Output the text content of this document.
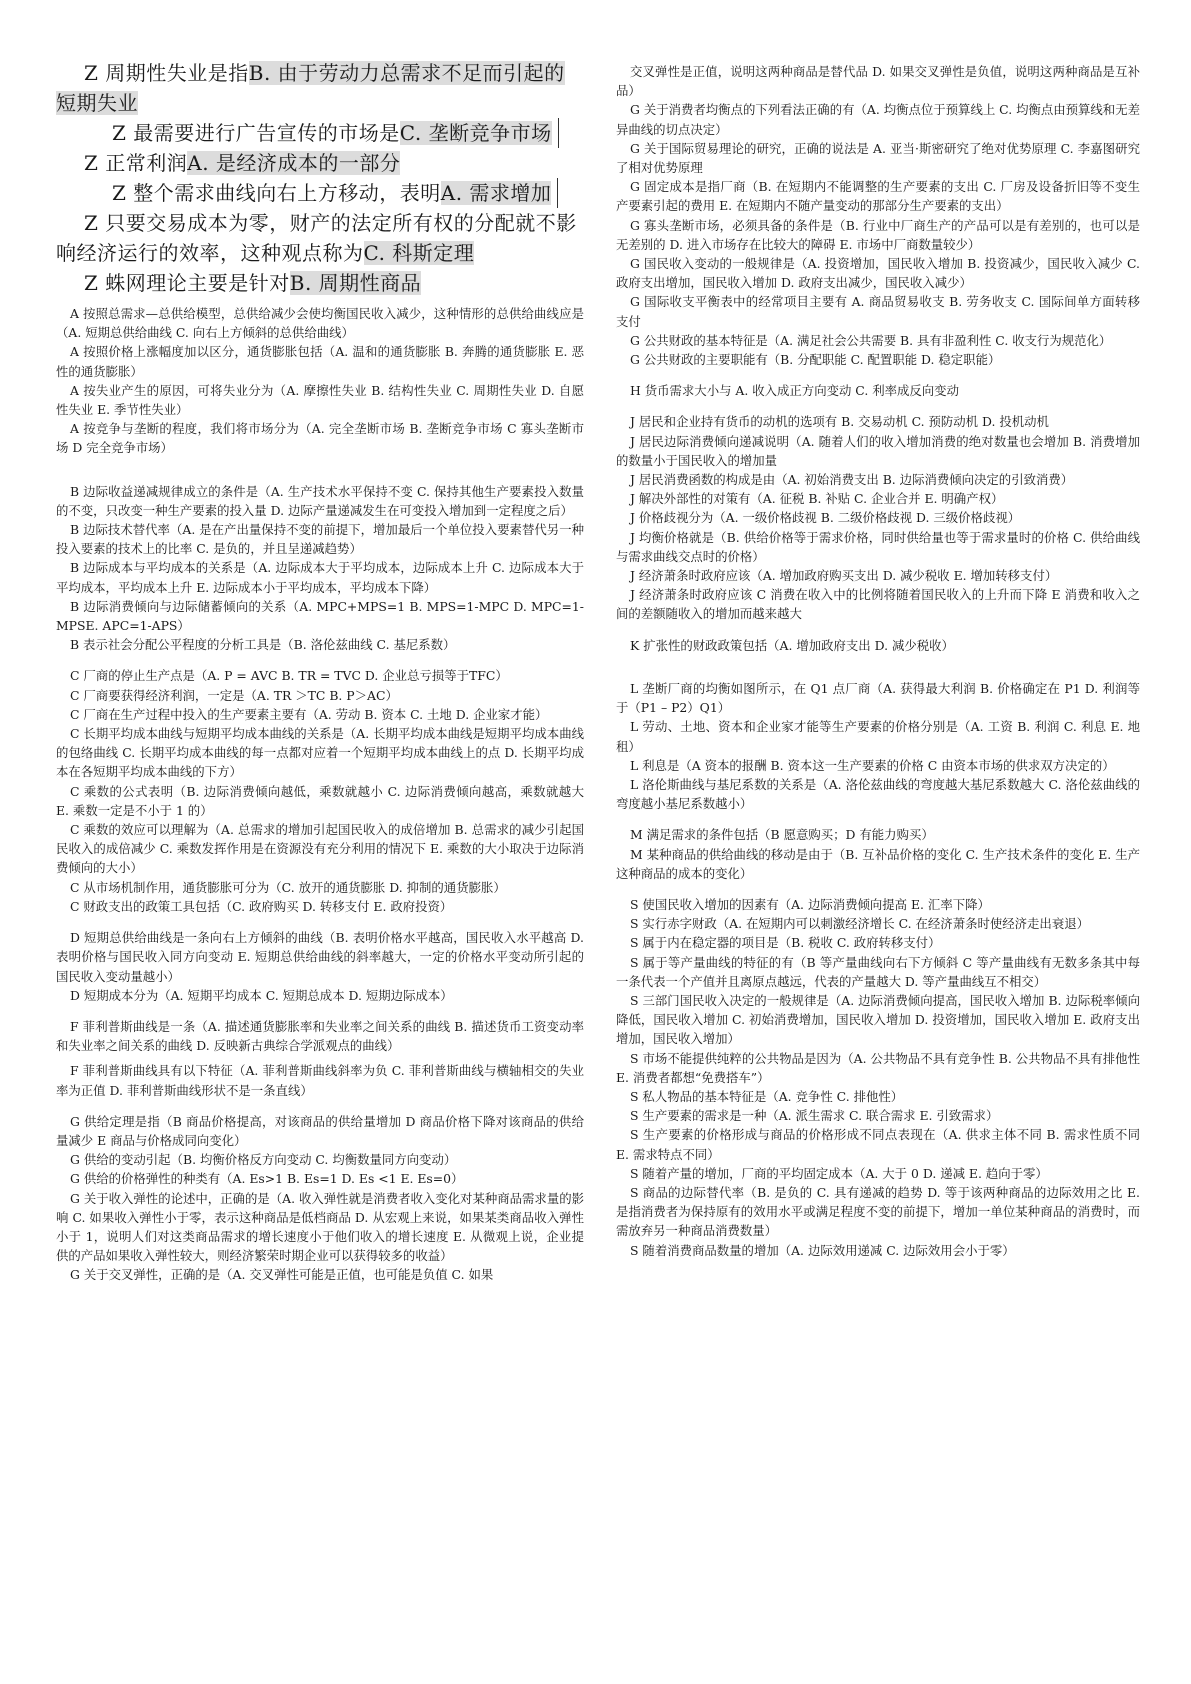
Z 周期性失业是指B. 由于劳动力总需求不足而引起的短期失业

Z 最需要进行广告宣传的市场是C. 垄断竞争市场

Z 正常利润A. 是经济成本的一部分

Z 整个需求曲线向右上方移动，表明A. 需求增加

Z 只要交易成本为零，财产的法定所有权的分配就不影响经济运行的效率，这种观点称为C. 科斯定理

Z 蛛网理论主要是针对B. 周期性商品

A 按照总需求—总供给模型，总供给减少会使均衡国民收入减少，这种情形的总供给曲线应是（A. 短期总供给曲线 C. 向右上方倾斜的总供给曲线）

A 按照价格上涨幅度加以区分，通货膨胀包括（A. 温和的通货膨胀 B. 奔腾的通货膨胀 E. 恶性的通货膨胀）

A 按失业产生的原因，可将失业分为（A. 摩擦性失业 B. 结构性失业 C. 周期性失业 D. 自愿性失业 E. 季节性失业）

A 按竞争与垄断的程度，我们将市场分为（A. 完全垄断市场 B. 垄断竞争市场 C 寡头垄断市场 D 完全竞争市场）

B 边际收益递减规律成立的条件是（A. 生产技术水平保持不变 C. 保持其他生产要素投入数量的不变，只改变一种生产要素的投入量 D. 边际产量递减发生在可变投入增加到一定程度之后）

B 边际技术替代率（A. 是在产出量保持不变的前提下，增加最后一个单位投入要素替代另一种投入要素的技术上的比率 C. 是负的，并且呈递减趋势）

B 边际成本与平均成本的关系是（A. 边际成本大于平均成本，边际成本上升 C. 边际成本大于平均成本，平均成本上升 E. 边际成本小于平均成本，平均成本下降）

B 边际消费倾向与边际储蓄倾向的关系（A. MPC+MPS=1 B. MPS=1-MPC D. MPC=1-MPSE. APC=1-APS）

B 表示社会分配公平程度的分析工具是（B. 洛伦兹曲线 C. 基尼系数）

C 厂商的停止生产点是（A. P = AVC B. TR = TVC D. 企业总亏损等于TFC）

C 厂商要获得经济利润，一定是（A. TR ＞TC B. P＞AC）

C 厂商在生产过程中投入的生产要素主要有（A. 劳动 B. 资本 C. 土地 D. 企业家才能）

C 长期平均成本曲线与短期平均成本曲线的关系是（A. 长期平均成本曲线是短期平均成本曲线的包络曲线 C. 长期平均成本曲线的每一点都对应着一个短期平均成本曲线上的点 D. 长期平均成本在各短期平均成本曲线的下方）

C 乘数的公式表明（B. 边际消费倾向越低，乘数就越小 C. 边际消费倾向越高，乘数就越大 E. 乘数一定是不小于 1 的）

C 乘数的效应可以理解为（A. 总需求的增加引起国民收入的成倍增加 B. 总需求的减少引起国民收入的成倍减少 C. 乘数发挥作用是在资源没有充分利用的情况下 E. 乘数的大小取决于边际消费倾向的大小）

C 从市场机制作用，通货膨胀可分为（C. 放开的通货膨胀 D. 抑制的通货膨胀）

C 财政支出的政策工具包括（C. 政府购买 D. 转移支付 E. 政府投资）

D 短期总供给曲线是一条向右上方倾斜的曲线（B. 表明价格水平越高，国民收入水平越高 D. 表明价格与国民收入同方向变动 E. 短期总供给曲线的斜率越大，一定的价格水平变动所引起的国民收入变动量越小）

D 短期成本分为（A. 短期平均成本 C. 短期总成本 D. 短期边际成本）

F 菲利普斯曲线是一条（A. 描述通货膨胀率和失业率之间关系的曲线 B. 描述货币工资变动率和失业率之间关系的曲线 D. 反映新古典综合学派观点的曲线）

F 菲利普斯曲线具有以下特征（A. 菲利普斯曲线斜率为负 C. 菲利普斯曲线与横轴相交的失业率为正值 D. 菲利普斯曲线形状不是一条直线）

G 供给定理是指（B 商品价格提高，对该商品的供给量增加 D 商品价格下降对该商品的供给量减少 E 商品与价格成同向变化）

G 供给的变动引起（B. 均衡价格反方向变动 C. 均衡数量同方向变动）

G 供给的价格弹性的种类有（A. Es>1 B. Es=1 D. Es <1 E. Es=0）

G 关于收入弹性的论述中，正确的是（A. 收入弹性就是消费者收入变化对某种商品需求量的影响 C. 如果收入弹性小于零，表示这种商品是低档商品 D. 从宏观上来说，如果某类商品收入弹性小于 1，说明人们对这类商品需求的增长速度小于他们收入的增长速度 E. 从微观上说，企业提供的产品如果收入弹性较大，则经济繁荣时期企业可以获得较多的收益）

G 关于交叉弹性，正确的是（A. 交叉弹性可能是正值，也可能是负值 C. 如果

交叉弹性是正值，说明这两种商品是替代品 D. 如果交叉弹性是负值，说明这两种商品是互补品）

G 关于消费者均衡点的下列看法正确的有（A. 均衡点位于预算线上 C. 均衡点由预算线和无差异曲线的切点决定）

G 关于国际贸易理论的研究，正确的说法是 A. 亚当·斯密研究了绝对优势原理 C. 李嘉图研究了相对优势原理

G 固定成本是指厂商（B. 在短期内不能调整的生产要素的支出 C. 厂房及设备折旧等不变生产要素引起的费用 E. 在短期内不随产量变动的那部分生产要素的支出）

G 寡头垄断市场，必须具备的条件是（B. 行业中厂商生产的产品可以是有差别的，也可以是无差别的 D. 进入市场存在比较大的障碍 E. 市场中厂商数量较少）

G 国民收入变动的一般规律是（A. 投资增加，国民收入增加 B. 投资减少，国民收入减少 C. 政府支出增加，国民收入增加 D. 政府支出减少，国民收入减少）

G 国际收支平衡表中的经常项目主要有 A. 商品贸易收支 B. 劳务收支 C. 国际间单方面转移支付

G 公共财政的基本特征是（A. 满足社会公共需要 B. 具有非盈利性 C. 收支行为规范化）

G 公共财政的主要职能有（B. 分配职能 C. 配置职能 D. 稳定职能）

H 货币需求大小与 A. 收入成正方向变动 C. 利率成反向变动

J 居民和企业持有货币的动机的选项有 B. 交易动机 C. 预防动机 D. 投机动机

J 居民边际消费倾向递减说明（A. 随着人们的收入增加消费的绝对数量也会增加 B. 消费增加的数量小于国民收入的增加量

J 居民消费函数的构成是由（A. 初始消费支出 B. 边际消费倾向决定的引致消费）

J 解决外部性的对策有（A. 征税 B. 补贴 C. 企业合并 E. 明确产权）

J 价格歧视分为（A. 一级价格歧视 B. 二级价格歧视 D. 三级价格歧视）

J 均衡价格就是（B. 供给价格等于需求价格，同时供给量也等于需求量时的价格 C. 供给曲线与需求曲线交点时的价格）

J 经济萧条时政府应该（A. 增加政府购买支出 D. 减少税收 E. 增加转移支付）

J 经济萧条时政府应该 C 消费在收入中的比例将随着国民收入的上升而下降 E 消费和收入之间的差额随收入的增加而越来越大

K 扩张性的财政政策包括（A. 增加政府支出 D. 减少税收）

L 垄断厂商的均衡如图所示，在 Q1 点厂商（A. 获得最大利润 B. 价格确定在 P1 D. 利润等于（P1 – P2）Q1）

L 劳动、土地、资本和企业家才能等生产要素的价格分别是（A. 工资 B. 利润 C. 利息 E. 地租）

L 利息是（A 资本的报酬 B. 资本这一生产要素的价格 C 由资本市场的供求双方决定的）

L 洛伦斯曲线与基尼系数的关系是（A. 洛伦兹曲线的弯度越大基尼系数越大 C. 洛伦兹曲线的弯度越小基尼系数越小）

M 满足需求的条件包括（B 愿意购买；D 有能力购买）

M 某种商品的供给曲线的移动是由于（B. 互补品价格的变化 C. 生产技术条件的变化 E. 生产这种商品的成本的变化）

S 使国民收入增加的因素有（A. 边际消费倾向提高 E. 汇率下降）

S 实行赤字财政（A. 在短期内可以刺激经济增长 C. 在经济萧条时使经济走出衰退）

S 属于内在稳定器的项目是（B. 税收 C. 政府转移支付）

S 属于等产量曲线的特征的有（B 等产量曲线向右下方倾斜 C 等产量曲线有无数多条其中每一条代表一个产值并且离原点越远，代表的产量越大 D. 等产量曲线互不相交）

S 三部门国民收入决定的一般规律是（A. 边际消费倾向提高，国民收入增加 B. 边际税率倾向降低，国民收入增加 C. 初始消费增加，国民收入增加 D. 投资增加，国民收入增加 E. 政府支出增加，国民收入增加）

S 市场不能提供纯粹的公共物品是因为（A. 公共物品不具有竞争性 B. 公共物品不具有排他性 E. 消费者都想“免费搭车”）

S 私人物品的基本特征是（A. 竞争性 C. 排他性）

S 生产要素的需求是一种（A. 派生需求 C. 联合需求 E. 引致需求）

S 生产要素的价格形成与商品的价格形成不同点表现在（A. 供求主体不同 B. 需求性质不同 E. 需求特点不同）

S 随着产量的增加，厂商的平均固定成本（A. 大于 0 D. 递减 E. 趋向于零）

S 商品的边际替代率（B. 是负的 C. 具有递减的趋势 D. 等于该两种商品的边际效用之比 E. 是指消费者为保持原有的效用水平或满足程度不变的前提下，增加一单位某种商品的消费时，而需放弃另一种商品消费数量）

S 随着消费商品数量的增加（A. 边际效用递减 C. 边际效用会小于零）
